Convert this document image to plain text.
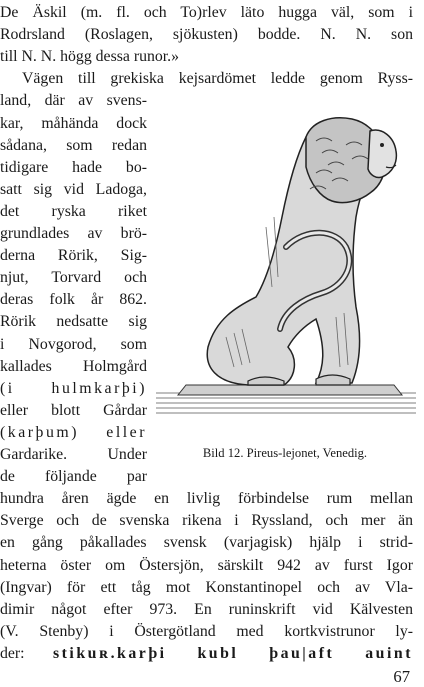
De Äskil (m. fl. och To)rlev läto hugga väl, som i
Rodrsland (Roslagen, sjökusten) bodde. N. N. son
till N. N. högg dessa runor.»
Vägen till grekiska kejsardömet ledde genom Ryss-
land, där av svens-
kar, måhända dock
sådana, som redan
tidigare hade bo-
satt sig vid Ladoga,
det ryska riket
grundlades av brö-
derna Rörik, Sig-
njut, Torvard och
deras folk år 862.
Rörik nedsatte sig
i Novgorod, som
kallades Holmgård
(i hulmkarþi)
eller blott Gårdar
(karþum) eller
Gardarike. Under
de följande par
Bild 12. Pireus-lejonet, Venedig.
hundra åren ägde en livlig förbindelse rum mellan
Sverge och de svenska rikena i Ryssland, och mer än
en gång påkallades svensk (varjagisk) hjälp i strid-
heterna öster om Östersjön, särskilt 942 av furst Igor
(Ingvar) för ett tåg mot Konstantinopel och av Vla-
dimir något efter 973. En runinskrift vid Kälvesten
(V. Stenby) i Östergötland med kortkvistrunor ly-
der: stikuʀ.karþi kubl þau|aft auint
67
